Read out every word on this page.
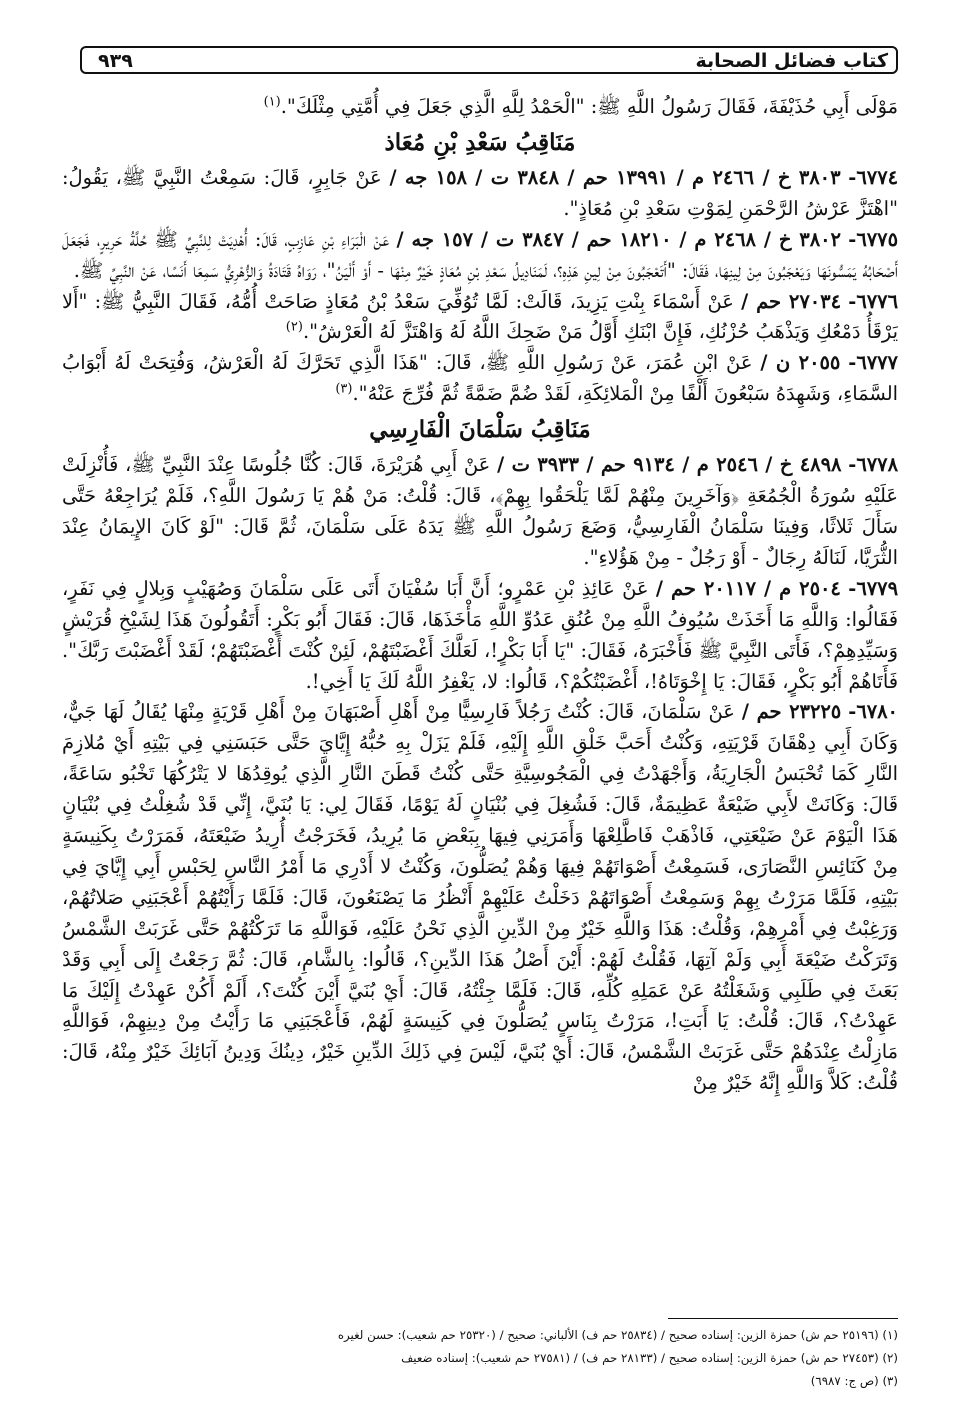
كتاب فضائل الصحابة
٩٣٩

مَوْلَى أَبِي حُذَيْفَةَ، فَقَالَ رَسُولُ اللَّهِ ﷺ: "الْحَمْدُ لِلَّهِ الَّذِي جَعَلَ فِي أُمَّتِي مِثْلَكَ".$^{(١)}$

مَنَاقِبُ سَعْدِ بْنِ مُعَاذ

٦٧٧٤- ٣٨٠٣ خ / ٢٤٦٦ م / ١٣٩٩١ حم / ٣٨٤٨ ت / ١٥٨ جه / عَنْ جَابِرٍ، قَالَ: سَمِعْتُ النَّبِيَّ ﷺ، يَقُولُ: "اهْتَزَّ عَرْشُ الرَّحْمَنِ لِمَوْتِ سَعْدِ بْنِ مُعَاذٍ".

٦٧٧٥- ٣٨٠٢ خ / ٢٤٦٨ م / ١٨٢١٠ حم / ٣٨٤٧ ت / ١٥٧ جه / عَنْ الْبَرَاءِ بْنِ عَازِبٍ، قَالَ: أُهْدِيَتْ لِلنَّبِيِّ ﷺ حُلَّةُ حَرِيرٍ، فَجَعَلَ أَصْحَابُهُ يَمَسُّونَهَا وَيَعْجَبُونَ مِنْ لِينِهَا، فَقَالَ: "أَتَعْجَبُونَ مِنْ لِينِ هَذِهِ؟، لَمَنَادِيلُ سَعْدِ بْنِ مُعَاذٍ خَيْرٌ مِنْهَا - أَوْ أَلْيَنُ"، رَوَاهُ قَتَادَةُ وَالزُّهْرِيُّ سَمِعَا أَنَسًا، عَنْ النَّبِيِّ ﷺ.

٦٧٧٦- ٢٧٠٣٤ حم / عَنْ أَسْمَاءَ بِنْتِ يَزِيدَ، قَالَتْ: لَمَّا تُوُفِّيَ سَعْدُ بْنُ مُعَاذٍ صَاحَتْ أُمُّهُ، فَقَالَ النَّبِيُّ ﷺ: "أَلا يَرْقَأُ دَمْعُكِ وَيَذْهَبُ حُزْنُكِ، فَإِنَّ ابْنَكِ أَوَّلُ مَنْ ضَحِكَ اللَّهُ لَهُ وَاهْتَزَّ لَهُ الْعَرْشُ".$^{(٢)}$

٦٧٧٧- ٢٠٥٥ ن / عَنْ ابْنِ عُمَرَ، عَنْ رَسُولِ اللَّهِ ﷺ، قَالَ: "هَذَا الَّذِي تَحَرَّكَ لَهُ الْعَرْشُ، وَفُتِحَتْ لَهُ أَبْوَابُ السَّمَاءِ، وَشَهِدَهُ سَبْعُونَ أَلْفًا مِنْ الْمَلائِكَةِ، لَقَدْ ضُمَّ ضَمَّةً ثُمَّ فُرِّجَ عَنْهُ".$^{(٣)}$

مَنَاقِبُ سَلْمَانَ الْفَارِسِي

٦٧٧٨- ٤٨٩٨ خ / ٢٥٤٦ م / ٩١٣٤ حم / ٣٩٣٣ ت / عَنْ أَبِي هُرَيْرَةَ، قَالَ: كُنَّا جُلُوسًا عِنْدَ النَّبِيِّ ﷺ، فَأُنْزِلَتْ عَلَيْهِ سُورَةُ الْجُمُعَةِ ﴿وَآخَرِينَ مِنْهُمْ لَمَّا يَلْحَقُوا بِهِمْ﴾، قَالَ: قُلْتُ: مَنْ هُمْ يَا رَسُولَ اللَّهِ؟، فَلَمْ يُرَاجِعْهُ حَتَّى سَأَلَ ثَلاثًا، وَفِينَا سَلْمَانُ الْفَارِسِيُّ، وَضَعَ رَسُولُ اللَّهِ ﷺ يَدَهُ عَلَى سَلْمَانَ، ثُمَّ قَالَ: "لَوْ كَانَ الإِيمَانُ عِنْدَ الثُّرَيَّا، لَنَالَهُ رِجَالٌ - أَوْ رَجُلٌ - مِنْ هَؤُلاءِ".

٦٧٧٩- ٢٥٠٤ م / ٢٠١١٧ حم / عَنْ عَائِذِ بْنِ عَمْرٍو؛ أَنَّ أَبَا سُفْيَانَ أَتَى عَلَى سَلْمَانَ وَصُهَيْبٍ وَبِلالٍ فِي نَفَرٍ، فَقَالُوا: وَاللَّهِ مَا أَخَذَتْ سُيُوفُ اللَّهِ مِنْ عُنُقِ عَدُوِّ اللَّهِ مَأْخَذَهَا، قَالَ: فَقَالَ أَبُو بَكْرٍ: أَتَقُولُونَ هَذَا لِشَيْخِ قُرَيْشٍ وَسَيِّدِهِمْ؟، فَأَتَى النَّبِيَّ ﷺ فَأَخْبَرَهُ، فَقَالَ: "يَا أَبَا بَكْرٍ!، لَعَلَّكَ أَغْضَبْتَهُمْ، لَئِنْ كُنْتَ أَغْضَبْتَهُمْ؛ لَقَدْ أَغْضَبْتَ رَبَّكَ". فَأَتَاهُمْ أَبُو بَكْرٍ، فَقَالَ: يَا إِخْوَتَاهُ!، أَغْضَبْتُكُمْ؟، قَالُوا: لا، يَغْفِرُ اللَّهُ لَكَ يَا أَخِي!.

٦٧٨٠- ٢٣٢٢٥ حم / عَنْ سَلْمَانَ، قَالَ: كُنْتُ رَجُلاً فَارِسِيًّا مِنْ أَهْلِ أَصْبَهَانَ مِنْ أَهْلِ قَرْيَةٍ مِنْهَا يُقَالُ لَهَا جَيٌّ، وَكَانَ أَبِي دِهْقَانَ قَرْيَتِهِ، وَكُنْتُ أَحَبَّ خَلْقِ اللَّهِ إِلَيْهِ، فَلَمْ يَزَلْ بِهِ حُبُّهُ إِيَّايَ حَتَّى حَبَسَنِي فِي بَيْتِهِ أَيْ مُلازِمَ النَّارِ كَمَا تُحْبَسُ الْجَارِيَةُ، وَأَجْهَدْتُ فِي الْمَجُوسِيَّةِ حَتَّى كُنْتُ قَطَنَ النَّارِ الَّذِي يُوقِدُهَا لا يَتْرُكُهَا تَخْبُو سَاعَةً، قَالَ: وَكَانَتْ لأَبِي ضَيْعَةٌ عَظِيمَةٌ، قَالَ: فَشُغِلَ فِي بُنْيَانٍ لَهُ يَوْمًا، فَقَالَ لِي: يَا بُنَيَّ، إِنِّي قَدْ شُغِلْتُ فِي بُنْيَانٍ هَذَا الْيَوْمَ عَنْ ضَيْعَتِي، فَاذْهَبْ فَاطَّلِعْهَا وَأَمَرَنِي فِيهَا بِبَعْضِ مَا يُرِيدُ، فَخَرَجْتُ أُرِيدُ ضَيْعَتَهُ، فَمَرَرْتُ بِكَنِيسَةٍ مِنْ كَنَائِسِ النَّصَارَى، فَسَمِعْتُ أَصْوَاتَهُمْ فِيهَا وَهُمْ يُصَلُّونَ، وَكُنْتُ لا أَدْرِي مَا أَمْرُ النَّاسِ لِحَبْسِ أَبِي إِيَّايَ فِي بَيْتِهِ، فَلَمَّا مَرَرْتُ بِهِمْ وَسَمِعْتُ أَصْوَاتَهُمْ دَخَلْتُ عَلَيْهِمْ أَنْظُرُ مَا يَصْنَعُونَ، قَالَ: فَلَمَّا رَأَيْتُهُمْ أَعْجَبَنِي صَلاتُهُمْ، وَرَغِبْتُ فِي أَمْرِهِمْ، وَقُلْتُ: هَذَا وَاللَّهِ خَيْرٌ مِنْ الدِّينِ الَّذِي نَحْنُ عَلَيْهِ، فَوَاللَّهِ مَا تَرَكْتُهُمْ حَتَّى غَرَبَتْ الشَّمْسُ وَتَرَكْتُ ضَيْعَةَ أَبِي وَلَمْ آتِهَا، فَقُلْتُ لَهُمْ: أَيْنَ أَصْلُ هَذَا الدِّينِ؟، قَالُوا: بِالشَّامِ، قَالَ: ثُمَّ رَجَعْتُ إِلَى أَبِي وَقَدْ بَعَثَ فِي طَلَبِي وَشَغَلْتُهُ عَنْ عَمَلِهِ كُلِّهِ، قَالَ: فَلَمَّا جِئْتُهُ، قَالَ: أَيْ بُنَيَّ أَيْنَ كُنْتَ؟، أَلَمْ أَكُنْ عَهِدْتُ إِلَيْكَ مَا عَهِدْتُ؟، قَالَ: قُلْتُ: يَا أَبَتِ!، مَرَرْتُ بِنَاسٍ يُصَلُّونَ فِي كَنِيسَةٍ لَهُمْ، فَأَعْجَبَنِي مَا رَأَيْتُ مِنْ دِينِهِمْ، فَوَاللَّهِ مَازِلْتُ عِنْدَهُمْ حَتَّى غَرَبَتْ الشَّمْسُ، قَالَ: أَيْ بُنَيَّ، لَيْسَ فِي ذَلِكَ الدِّينِ خَيْرٌ، دِينُكَ وَدِينُ آبَائِكَ خَيْرٌ مِنْهُ، قَالَ: قُلْتُ: كَلاَّ وَاللَّهِ إِنَّهُ خَيْرٌ مِنْ

(١) (٢٥١٩٦ حم ش) حمزة الزين: إسناده صحيح / (٢٥٨٣٤ حم ف) الألباني: صحيح / (٢٥٣٢٠ حم شعيب): حسن لغيره

(٢) (٢٧٤٥٣ حم ش) حمزة الزين: إسناده صحيح / (٢٨١٣٣ حم ف) / (٢٧٥٨١ حم شعيب): إسناده ضعيف

(٣) (ص ج: ٦٩٨٧)
